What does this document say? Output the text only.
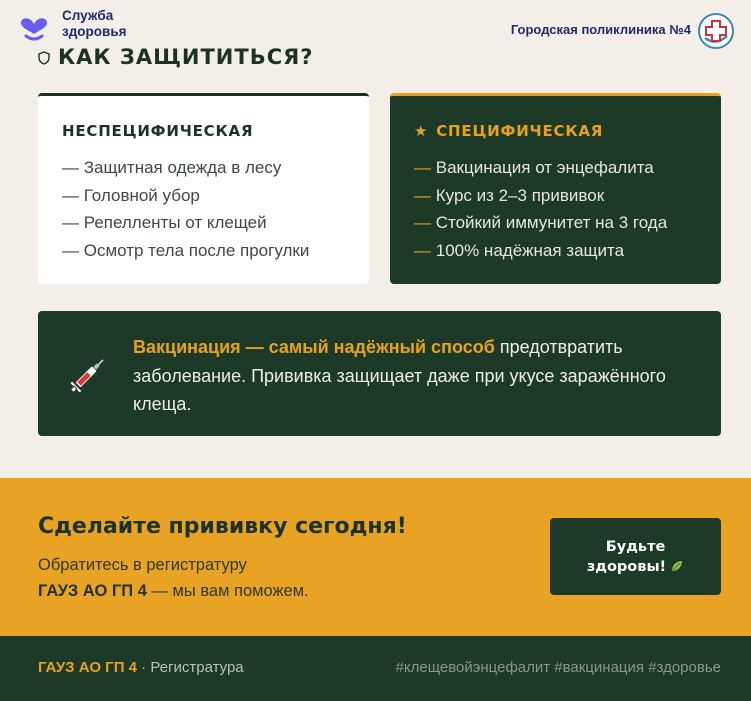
Служба
здоровья	Городская поликлиника №4
КАК ЗАЩИТИТЬСЯ?
НЕСПЕЦИФИЧЕСКАЯ
— Защитная одежда в лесу
— Головной убор
— Репелленты от клещей
— Осмотр тела после прогулки
★ СПЕЦИФИЧЕСКАЯ
— Вакцинация от энцефалита
— Курс из 2–3 прививок
— Стойкий иммунитет на 3 года
— 100% надёжная защита
Вакцинация — самый надёжный способ предотвратить заболевание. Прививка защищает даже при укусе заражённого клеща.
Сделайте прививку сегодня!
Обратитесь в регистратуру
ГАУЗ АО ГП 4 — мы вам поможем.
Будьте
здоровы!
ГАУЗ АО ГП 4 · Регистратура	#клещевойэнцефалит #вакцинация #здоровье
